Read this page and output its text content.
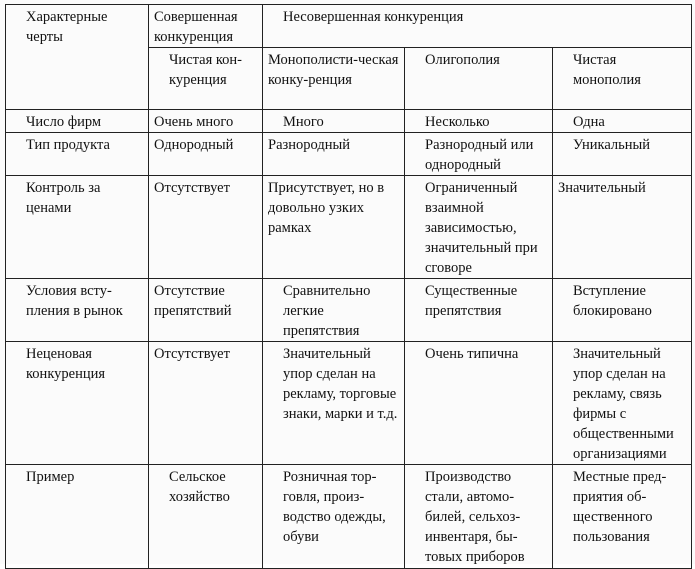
Характерные черты	Совершенная конкуренция	Несовершенная конкуренция		
	Чистая кон-куренция	Монополисти-ческая конку-ренция	Олигополия	Чистая монополия
Число фирм	Очень много	Много	Несколько	Одна
Тип продукта	Однородный	Разнородный	Разнородный или однородный	Уникальный
Контроль за ценами	Отсутствует	Присутствует, но в довольно узких рамках	Ограниченный взаимной зависимостью, значительный при сговоре	Значительный
Условия всту-пления в рынок	Отсутствие препятствий	Сравнительно легкие препятствия	Существенные препятствия	Вступление блокировано
Неценовая конкуренция	Отсутствует	Значительный упор сделан на рекламу, торговые знаки, марки и т.д.	Очень типична	Значительный упор сделан на рекламу, связь фирмы с общественными организациями
Пример	Сельское хозяйство	Розничная тор-говля, произ-водство одежды, обуви	Производство стали, автомо-билей, сельхоз-инвентаря, бы-товых приборов	Местные пред-приятия об-щественного пользования
